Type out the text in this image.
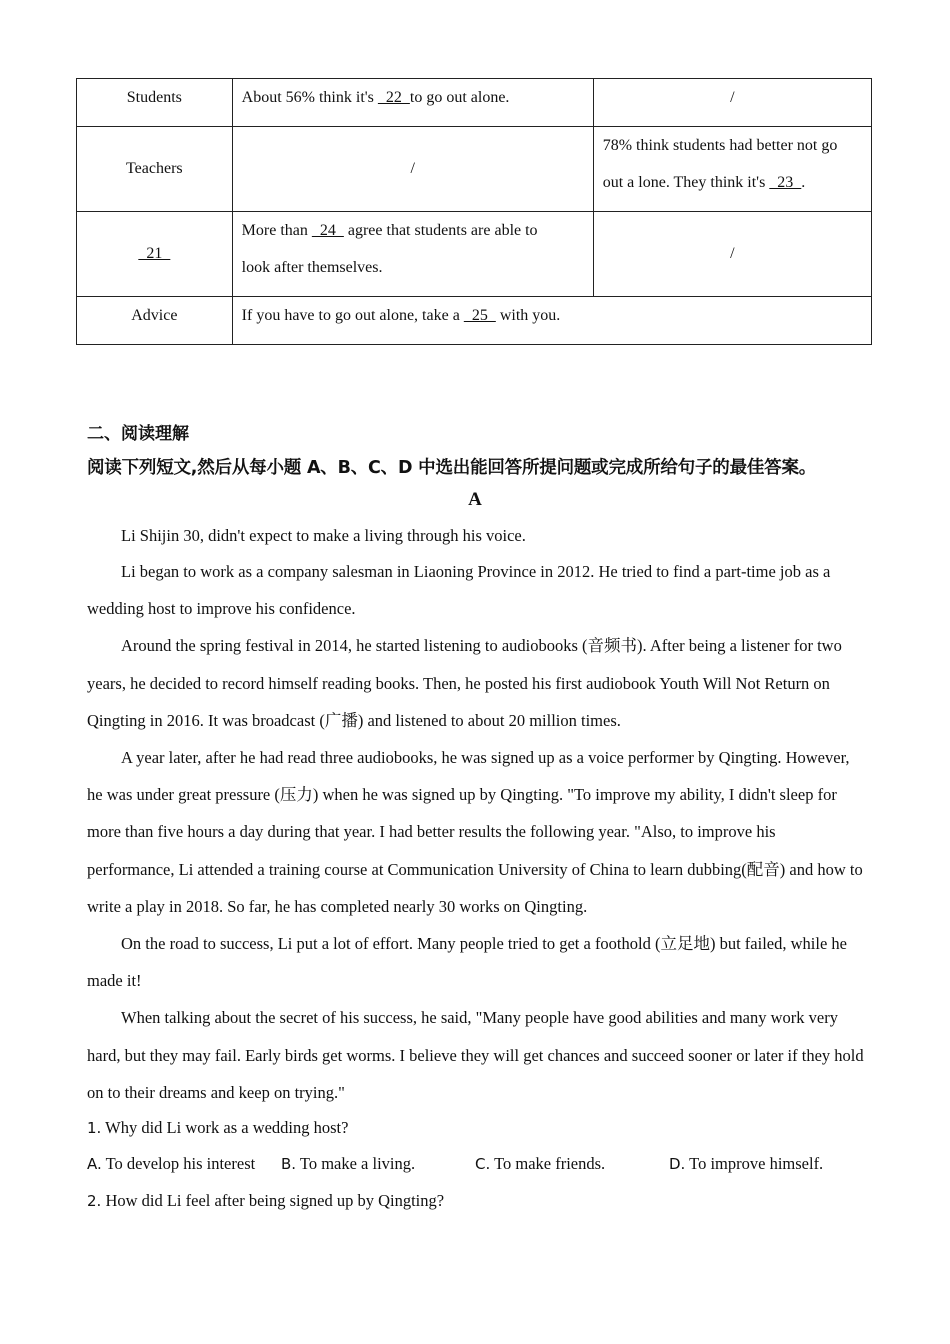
Students	About 56% think it's   22  to go out alone.	/

Teachers	/	78% think students had better not go
out a lone. They think it's   23  .

21	More than   24   agree that students are able to
look after themselves.	/

Advice	If you have to go out alone, take a   25   with you.	
二、阅读理解
阅读下列短文,然后从每小题 A、B、C、D 中选出能回答所提问题或完成所给句子的最佳答案。
A

Li Shijin 30, didn't expect to make a living through his voice.

Li began to work as a company salesman in Liaoning Province in 2012. He tried to find a part-time job as a wedding host to improve his confidence.

Around the spring festival in 2014, he started listening to audiobooks (音频书). After being a listener for two years, he decided to record himself reading books. Then, he posted his first audiobook Youth Will Not Return on Qingting in 2016. It was broadcast (广播) and listened to about 20 million times.

A year later, after he had read three audiobooks, he was signed up as a voice performer by Qingting. However, he was under great pressure (压力) when he was signed up by Qingting. "To improve my ability, I didn't sleep for more than five hours a day during that year. I had better results the following year. "Also, to improve his performance, Li attended a training course at Communication University of China to learn dubbing(配音) and how to write a play in 2018. So far, he has completed nearly 30 works on Qingting.

On the road to success, Li put a lot of effort. Many people tried to get a foothold (立足地) but failed, while he made it!

When talking about the secret of his success, he said, "Many people have good abilities and many work very hard, but they may fail. Early birds get worms. I believe they will get chances and succeed sooner or later if they hold on to their dreams and keep on trying."

1. Why did Li work as a wedding host?

A. To develop his interest	B. To make a living.	C. To make friends.	D. To improve himself.

2. How did Li feel after being signed up by Qingting?
